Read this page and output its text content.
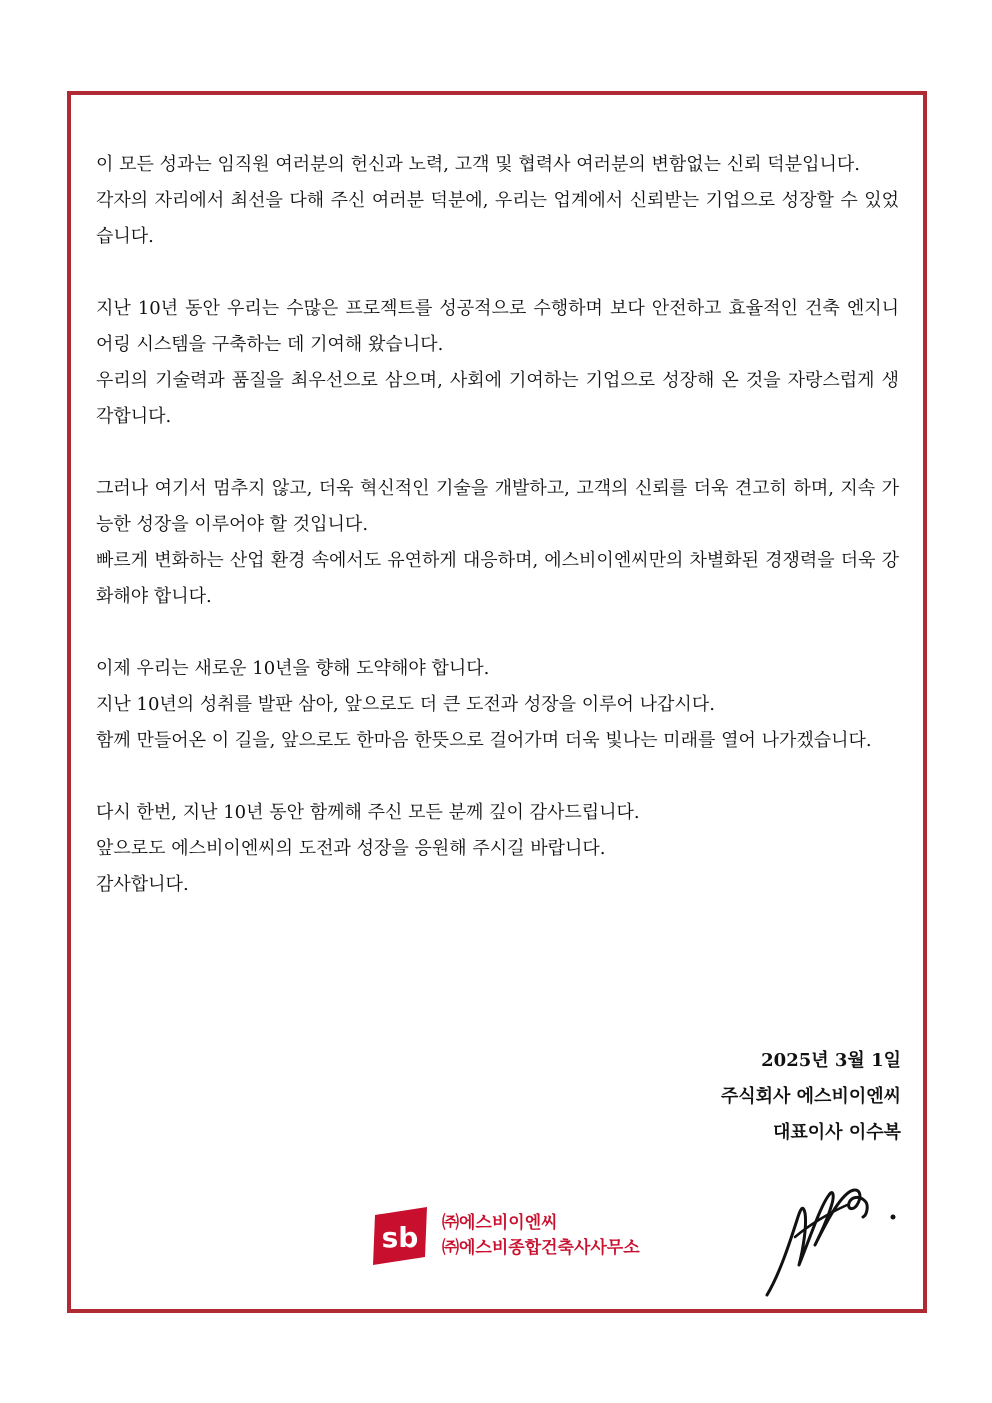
이 모든 성과는 임직원 여러분의 헌신과 노력, 고객 및 협력사 여러분의 변함없는 신뢰 덕분입니다.
각자의 자리에서 최선을 다해 주신 여러분 덕분에, 우리는 업계에서 신뢰받는 기업으로 성장할 수 있었습니다.

지난 10년 동안 우리는 수많은 프로젝트를 성공적으로 수행하며 보다 안전하고 효율적인 건축 엔지니어링 시스템을 구축하는 데 기여해 왔습니다.
우리의 기술력과 품질을 최우선으로 삼으며, 사회에 기여하는 기업으로 성장해 온 것을 자랑스럽게 생각합니다.

그러나 여기서 멈추지 않고, 더욱 혁신적인 기술을 개발하고, 고객의 신뢰를 더욱 견고히 하며, 지속 가능한 성장을 이루어야 할 것입니다.
빠르게 변화하는 산업 환경 속에서도 유연하게 대응하며, 에스비이엔씨만의 차별화된 경쟁력을 더욱 강화해야 합니다.

이제 우리는 새로운 10년을 향해 도약해야 합니다.
지난 10년의 성취를 발판 삼아, 앞으로도 더 큰 도전과 성장을 이루어 나갑시다.
함께 만들어온 이 길을, 앞으로도 한마음 한뜻으로 걸어가며 더욱 빛나는 미래를 열어 나가겠습니다.

다시 한번, 지난 10년 동안 함께해 주신 모든 분께 깊이 감사드립니다.
앞으로도 에스비이엔씨의 도전과 성장을 응원해 주시길 바랍니다.
감사합니다.

2025년 3월 1일
주식회사 에스비이엔씨
대표이사 이수복
sb ㈜에스비이엔씨
㈜에스비종합건축사사무소
